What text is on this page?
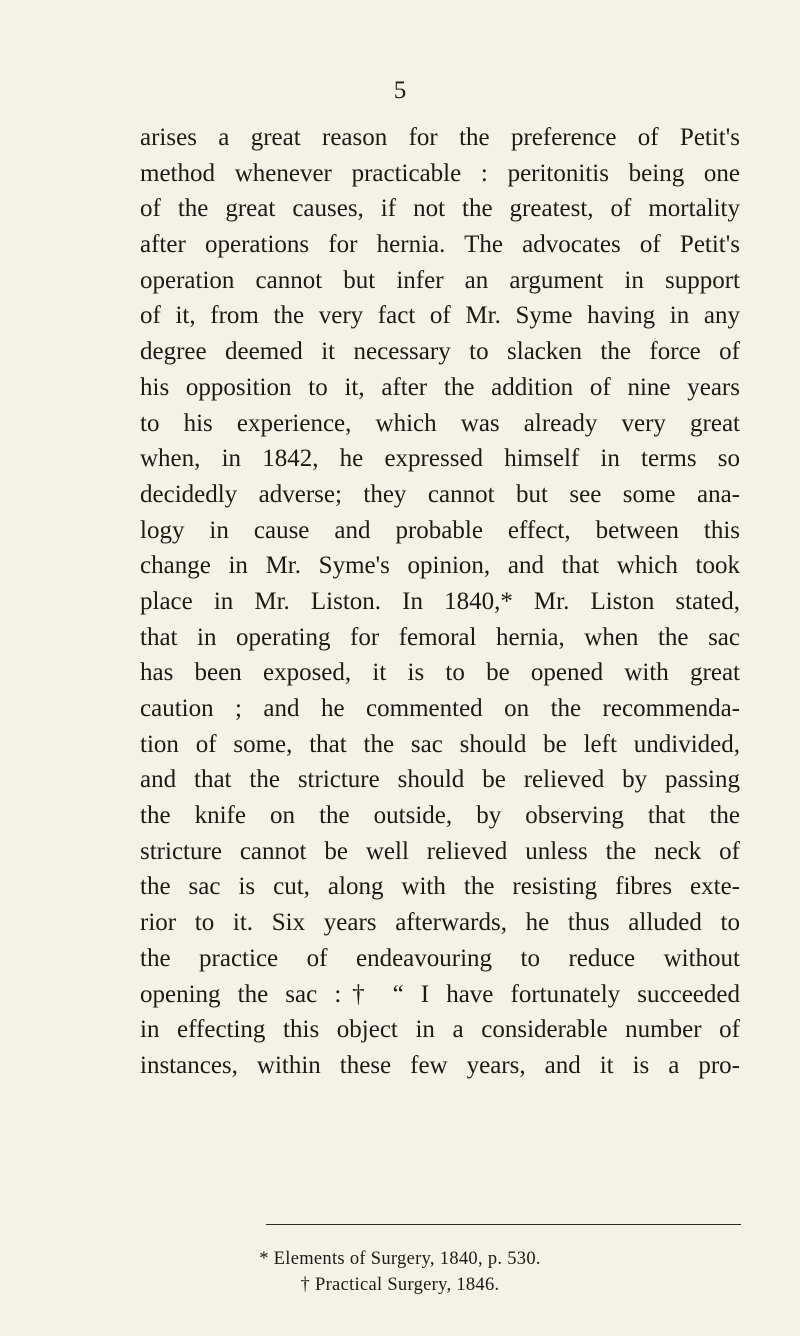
5
arises a great reason for the preference of Petit's
method whenever practicable : peritonitis being one
of the great causes, if not the greatest, of mortality
after operations for hernia. The advocates of Petit's
operation cannot but infer an argument in support
of it, from the very fact of Mr. Syme having in any
degree deemed it necessary to slacken the force of
his opposition to it, after the addition of nine years
to his experience, which was already very great
when, in 1842, he expressed himself in terms so
decidedly adverse; they cannot but see some ana-
logy in cause and probable effect, between this
change in Mr. Syme's opinion, and that which took
place in Mr. Liston. In 1840,* Mr. Liston stated,
that in operating for femoral hernia, when the sac
has been exposed, it is to be opened with great
caution ; and he commented on the recommenda-
tion of some, that the sac should be left undivided,
and that the stricture should be relieved by passing
the knife on the outside, by observing that the
stricture cannot be well relieved unless the neck of
the sac is cut, along with the resisting fibres exte-
rior to it. Six years afterwards, he thus alluded to
the practice of endeavouring to reduce without
opening the sac :† “ I have fortunately succeeded
in effecting this object in a considerable number of
instances, within these few years, and it is a pro-
* Elements of Surgery, 1840, p. 530.
† Practical Surgery, 1846.
